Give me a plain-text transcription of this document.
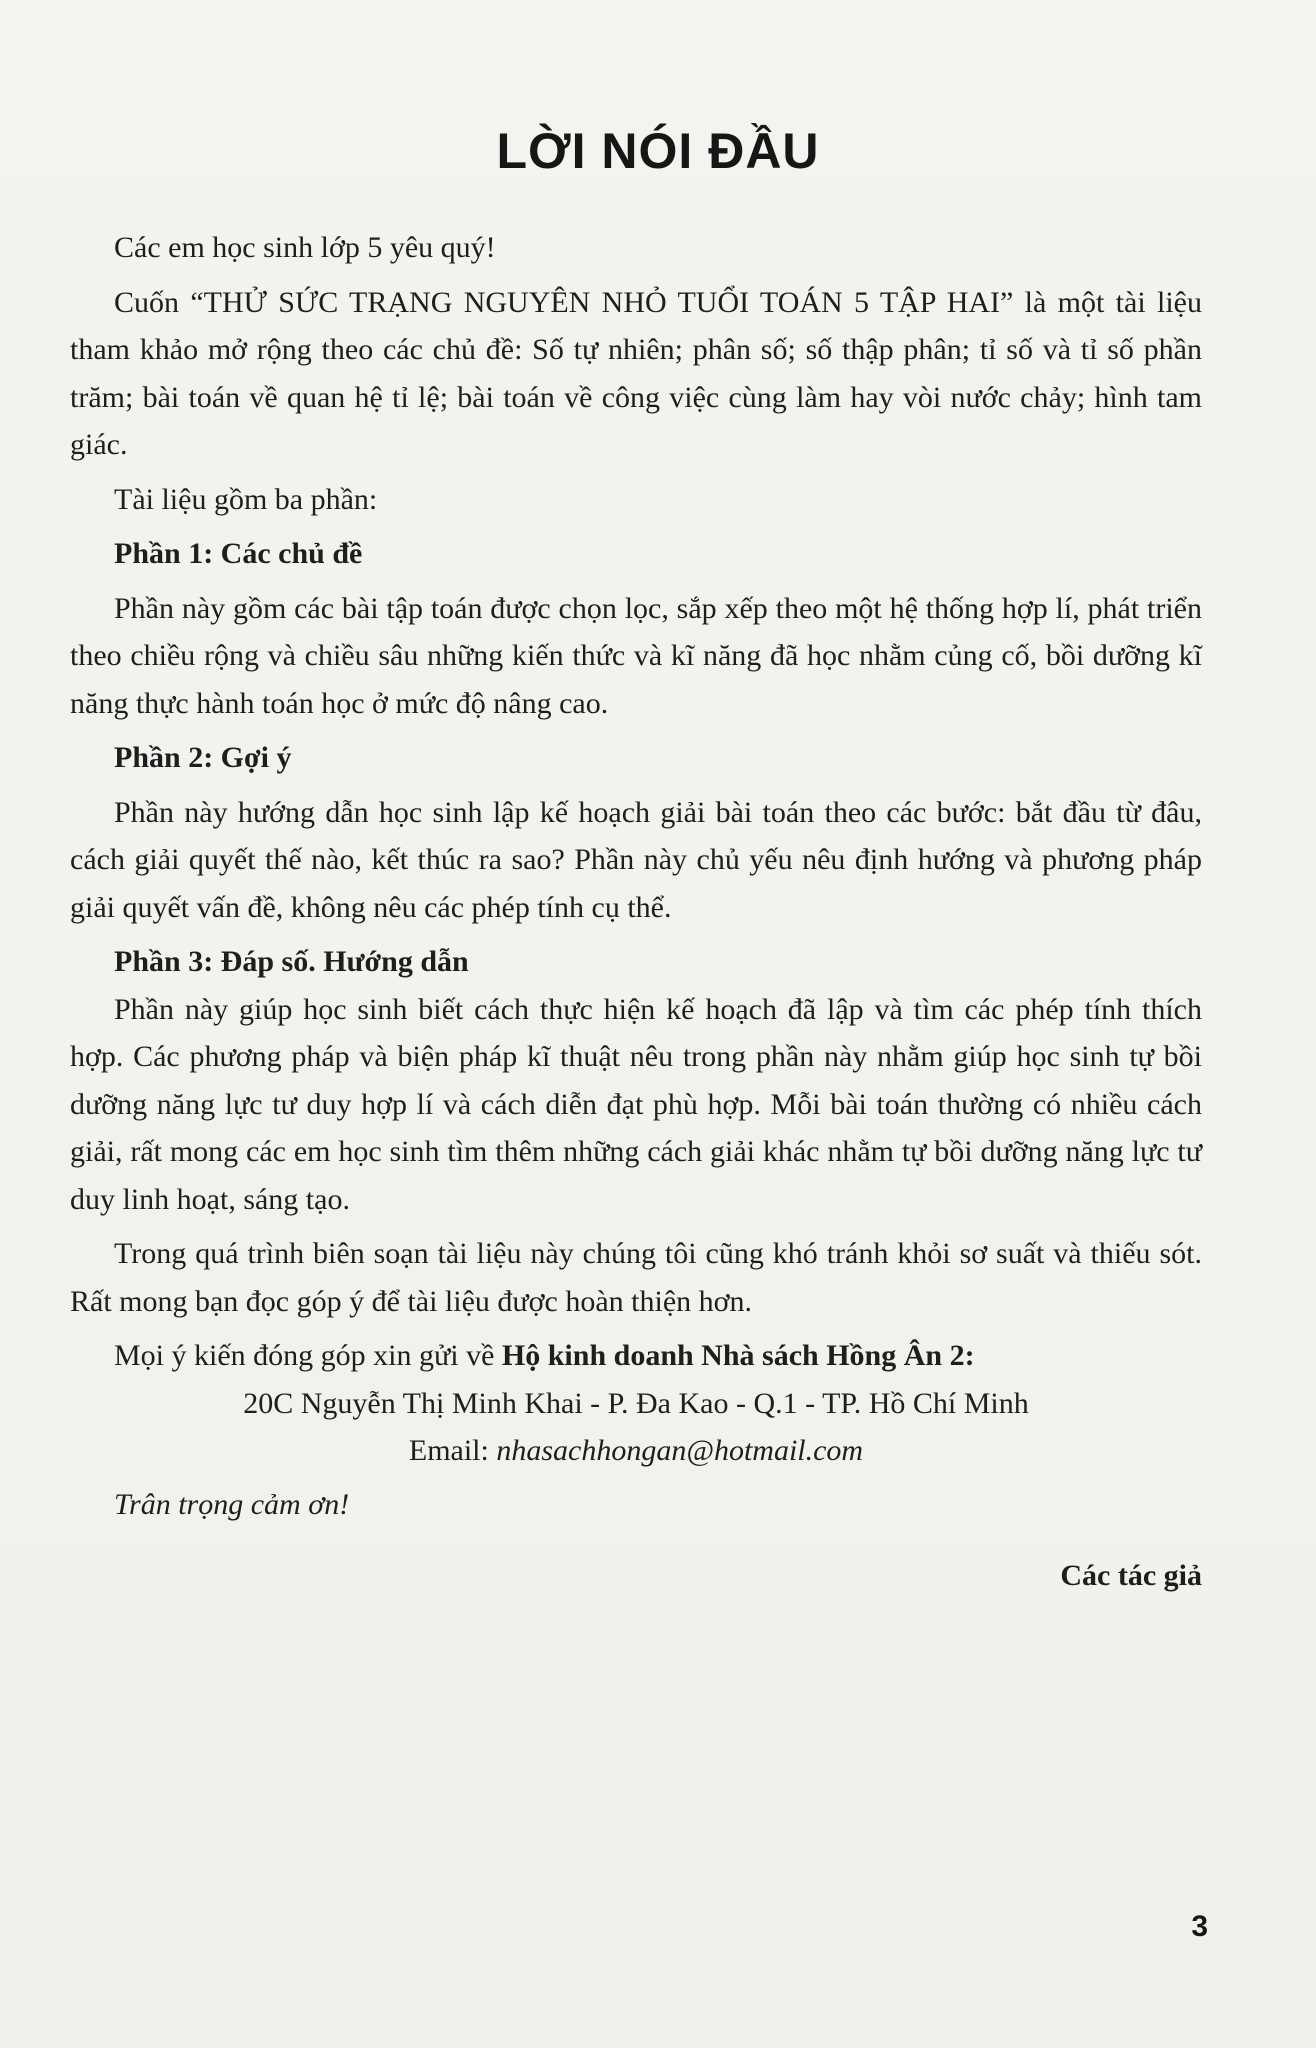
LỜI NÓI ĐẦU

Các em học sinh lớp 5 yêu quý!

Cuốn “THỬ SỨC TRẠNG NGUYÊN NHỎ TUỔI TOÁN 5 TẬP HAI” là một tài liệu tham khảo mở rộng theo các chủ đề: Số tự nhiên; phân số; số thập phân; tỉ số và tỉ số phần trăm; bài toán về quan hệ tỉ lệ; bài toán về công việc cùng làm hay vòi nước chảy; hình tam giác.

Tài liệu gồm ba phần:

Phần 1: Các chủ đề

Phần này gồm các bài tập toán được chọn lọc, sắp xếp theo một hệ thống hợp lí, phát triển theo chiều rộng và chiều sâu những kiến thức và kĩ năng đã học nhằm củng cố, bồi dưỡng kĩ năng thực hành toán học ở mức độ nâng cao.

Phần 2: Gợi ý

Phần này hướng dẫn học sinh lập kế hoạch giải bài toán theo các bước: bắt đầu từ đâu, cách giải quyết thế nào, kết thúc ra sao? Phần này chủ yếu nêu định hướng và phương pháp giải quyết vấn đề, không nêu các phép tính cụ thể.

Phần 3: Đáp số. Hướng dẫn

Phần này giúp học sinh biết cách thực hiện kế hoạch đã lập và tìm các phép tính thích hợp. Các phương pháp và biện pháp kĩ thuật nêu trong phần này nhằm giúp học sinh tự bồi dưỡng năng lực tư duy hợp lí và cách diễn đạt phù hợp. Mỗi bài toán thường có nhiều cách giải, rất mong các em học sinh tìm thêm những cách giải khác nhằm tự bồi dưỡng năng lực tư duy linh hoạt, sáng tạo.

Trong quá trình biên soạn tài liệu này chúng tôi cũng khó tránh khỏi sơ suất và thiếu sót. Rất mong bạn đọc góp ý để tài liệu được hoàn thiện hơn.

Mọi ý kiến đóng góp xin gửi về Hộ kinh doanh Nhà sách Hồng Ân 2:

20C Nguyễn Thị Minh Khai - P. Đa Kao - Q.1 - TP. Hồ Chí Minh

Email: nhasachhongan@hotmail.com

Trân trọng cảm ơn!

Các tác giả

3
